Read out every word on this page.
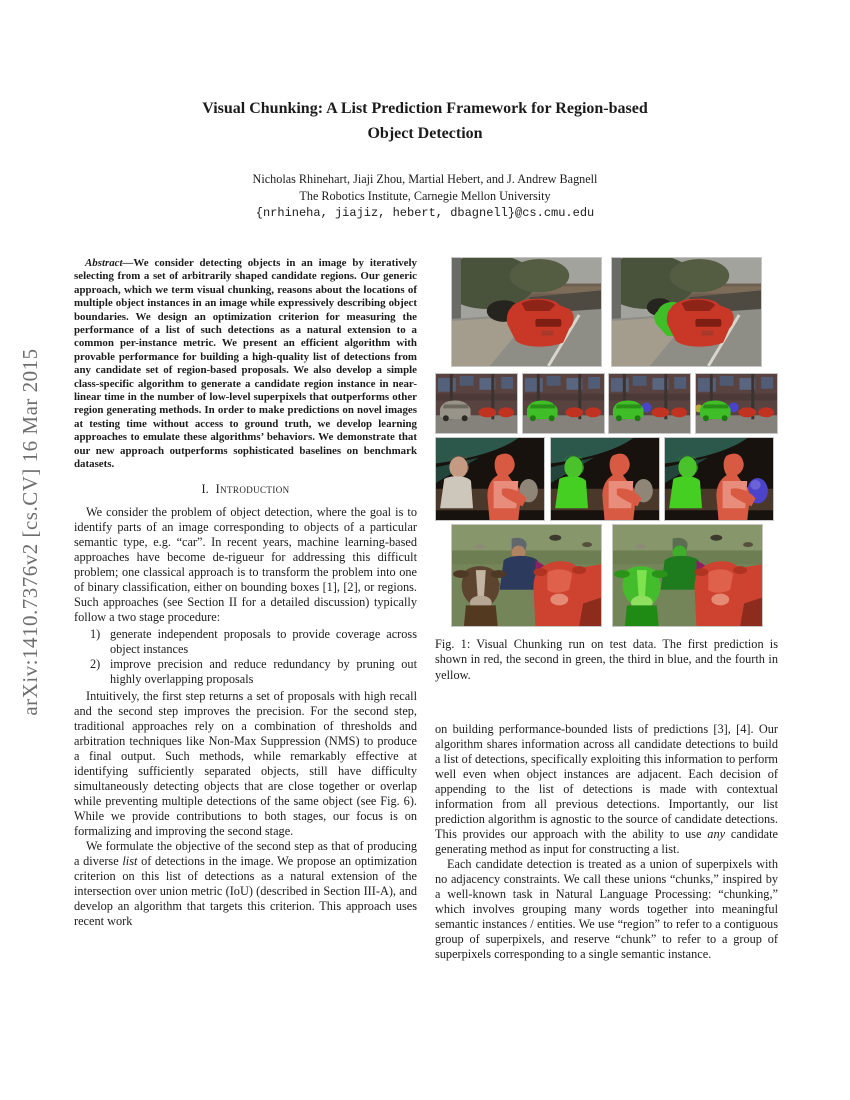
arXiv:1410.7376v2 [cs.CV] 16 Mar 2015
Visual Chunking: A List Prediction Framework for Region-based
Object Detection
Nicholas Rhinehart, Jiaji Zhou, Martial Hebert, and J. Andrew Bagnell
The Robotics Institute, Carnegie Mellon University
{nrhineha, jiajiz, hebert, dbagnell}@cs.cmu.edu
Abstract—We consider detecting objects in an image by iteratively selecting from a set of arbitrarily shaped candidate regions. Our generic approach, which we term visual chunking, reasons about the locations of multiple object instances in an image while expressively describing object boundaries. We design an optimization criterion for measuring the performance of a list of such detections as a natural extension to a common per-instance metric. We present an efficient algorithm with provable performance for building a high-quality list of detections from any candidate set of region-based proposals. We also develop a simple class-specific algorithm to generate a candidate region instance in near-linear time in the number of low-level superpixels that outperforms other region generating methods. In order to make predictions on novel images at testing time without access to ground truth, we develop learning approaches to emulate these algorithms’ behaviors. We demonstrate that our new approach outperforms sophisticated baselines on benchmark datasets.
I. Introduction

We consider the problem of object detection, where the goal is to identify parts of an image corresponding to objects of a particular semantic type, e.g. “car”. In recent years, machine learning-based approaches have become de-rigueur for addressing this difficult problem; one classical approach is to transform the problem into one of binary classification, either on bounding boxes [1], [2], or regions. Such approaches (see Section II for a detailed discussion) typically follow a two stage procedure:

1) generate independent proposals to provide coverage across object instances
2) improve precision and reduce redundancy by pruning out highly overlapping proposals

Intuitively, the first step returns a set of proposals with high recall and the second step improves the precision. For the second step, traditional approaches rely on a combination of thresholds and arbitration techniques like Non-Max Suppression (NMS) to produce a final output. Such methods, while remarkably effective at identifying sufficiently separated objects, still have difficulty simultaneously detecting objects that are close together or overlap while preventing multiple detections of the same object (see Fig. 6). While we provide contributions to both stages, our focus is on formalizing and improving the second stage.

We formulate the objective of the second step as that of producing a diverse list of detections in the image. We propose an optimization criterion on this list of detections as a natural extension of the intersection over union metric (IoU) (described in Section III-A), and develop an algorithm that targets this criterion. This approach uses recent work

Fig. 1: Visual Chunking run on test data. The first prediction is shown in red, the second in green, the third in blue, and the fourth in yellow.

on building performance-bounded lists of predictions [3], [4]. Our algorithm shares information across all candidate detections to build a list of detections, specifically exploiting this information to perform well even when object instances are adjacent. Each decision of appending to the list of detections is made with contextual information from all previous detections. Importantly, our list prediction algorithm is agnostic to the source of candidate detections. This provides our approach with the ability to use any candidate generating method as input for constructing a list.

Each candidate detection is treated as a union of superpixels with no adjacency constraints. We call these unions “chunks,” inspired by a well-known task in Natural Language Processing: “chunking,” which involves grouping many words together into meaningful semantic instances / entities. We use “region” to refer to a contiguous group of superpixels, and reserve “chunk” to refer to a group of superpixels corresponding to a single semantic instance.
